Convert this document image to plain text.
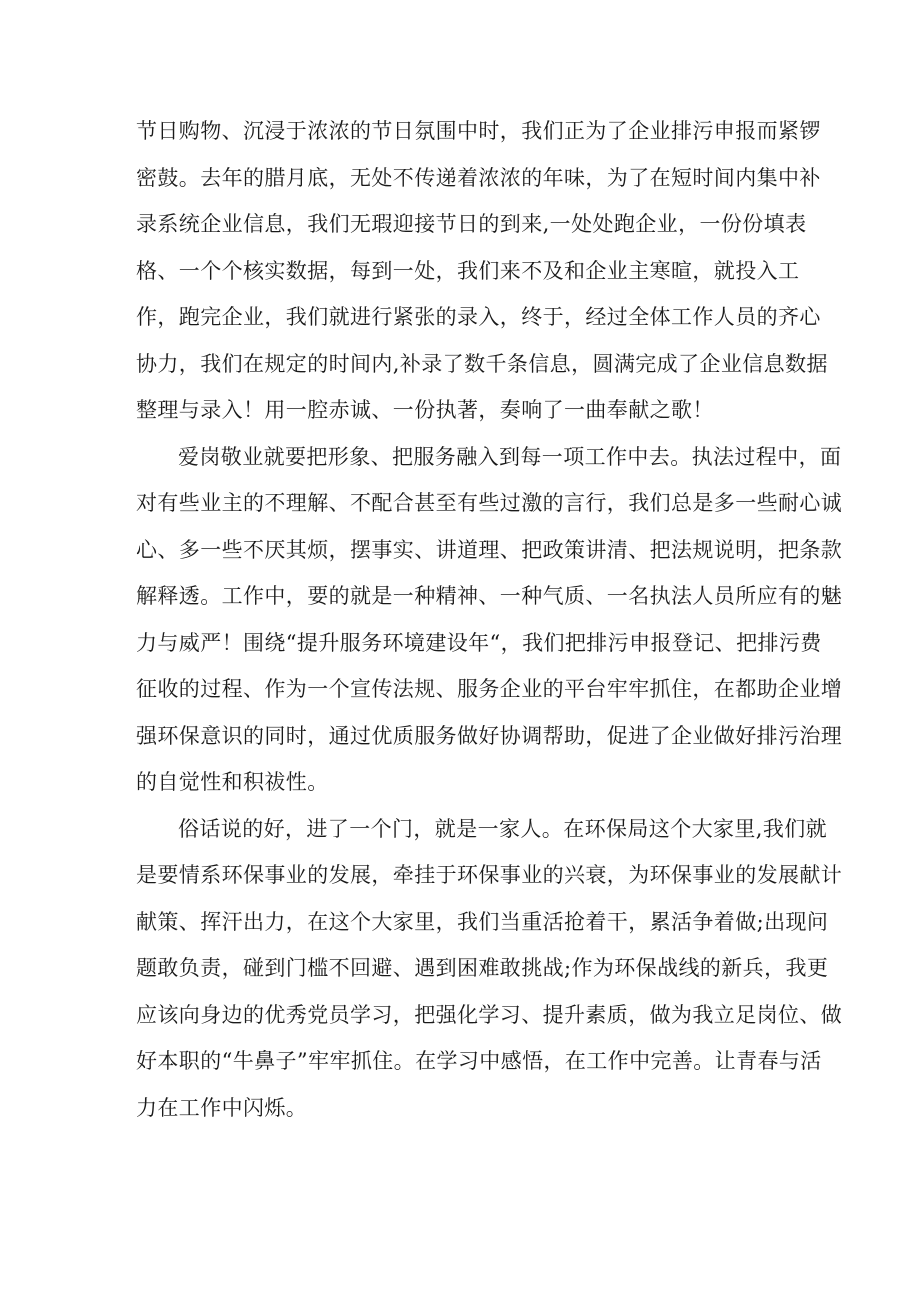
节日购物、沉浸于浓浓的节日氛围中时，我们正为了企业排污申报而紧锣
密鼓。去年的腊月底，无处不传递着浓浓的年味，为了在短时间内集中补
录系统企业信息，我们无瑕迎接节日的到来,一处处跑企业，一份份填表
格、一个个核实数据，每到一处，我们来不及和企业主寒暄，就投入工
作，跑完企业，我们就进行紧张的录入，终于，经过全体工作人员的齐心
协力，我们在规定的时间内,补录了数千条信息，圆满完成了企业信息数据
整理与录入！用一腔赤诚、一份执著，奏响了一曲奉献之歌！
爱岗敬业就要把形象、把服务融入到每一项工作中去。执法过程中，面
对有些业主的不理解、不配合甚至有些过激的言行，我们总是多一些耐心诚
心、多一些不厌其烦，摆事实、讲道理、把政策讲清、把法规说明，把条款
解释透。工作中，要的就是一种精神、一种气质、一名执法人员所应有的魅
力与威严！围绕“提升服务环境建设年“，我们把排污申报登记、把排污费
征收的过程、作为一个宣传法规、服务企业的平台牢牢抓住，在都助企业增
强环保意识的同时，通过优质服务做好协调帮助，促进了企业做好排污治理
的自觉性和积祓性。
俗话说的好，进了一个门，就是一家人。在环保局这个大家里,我们就
是要情系环保事业的发展，牵挂于环保事业的兴衰，为环保事业的发展献计
献策、挥汗出力，在这个大家里，我们当重活抢着干，累活争着做;出现问
题敢负责，碰到门槛不回避、遇到困难敢挑战;作为环保战线的新兵，我更
应该向身边的优秀党员学习，把强化学习、提升素质，做为我立足岗位、做
好本职的“牛鼻子”牢牢抓住。在学习中感悟，在工作中完善。让青春与活
力在工作中闪烁。
